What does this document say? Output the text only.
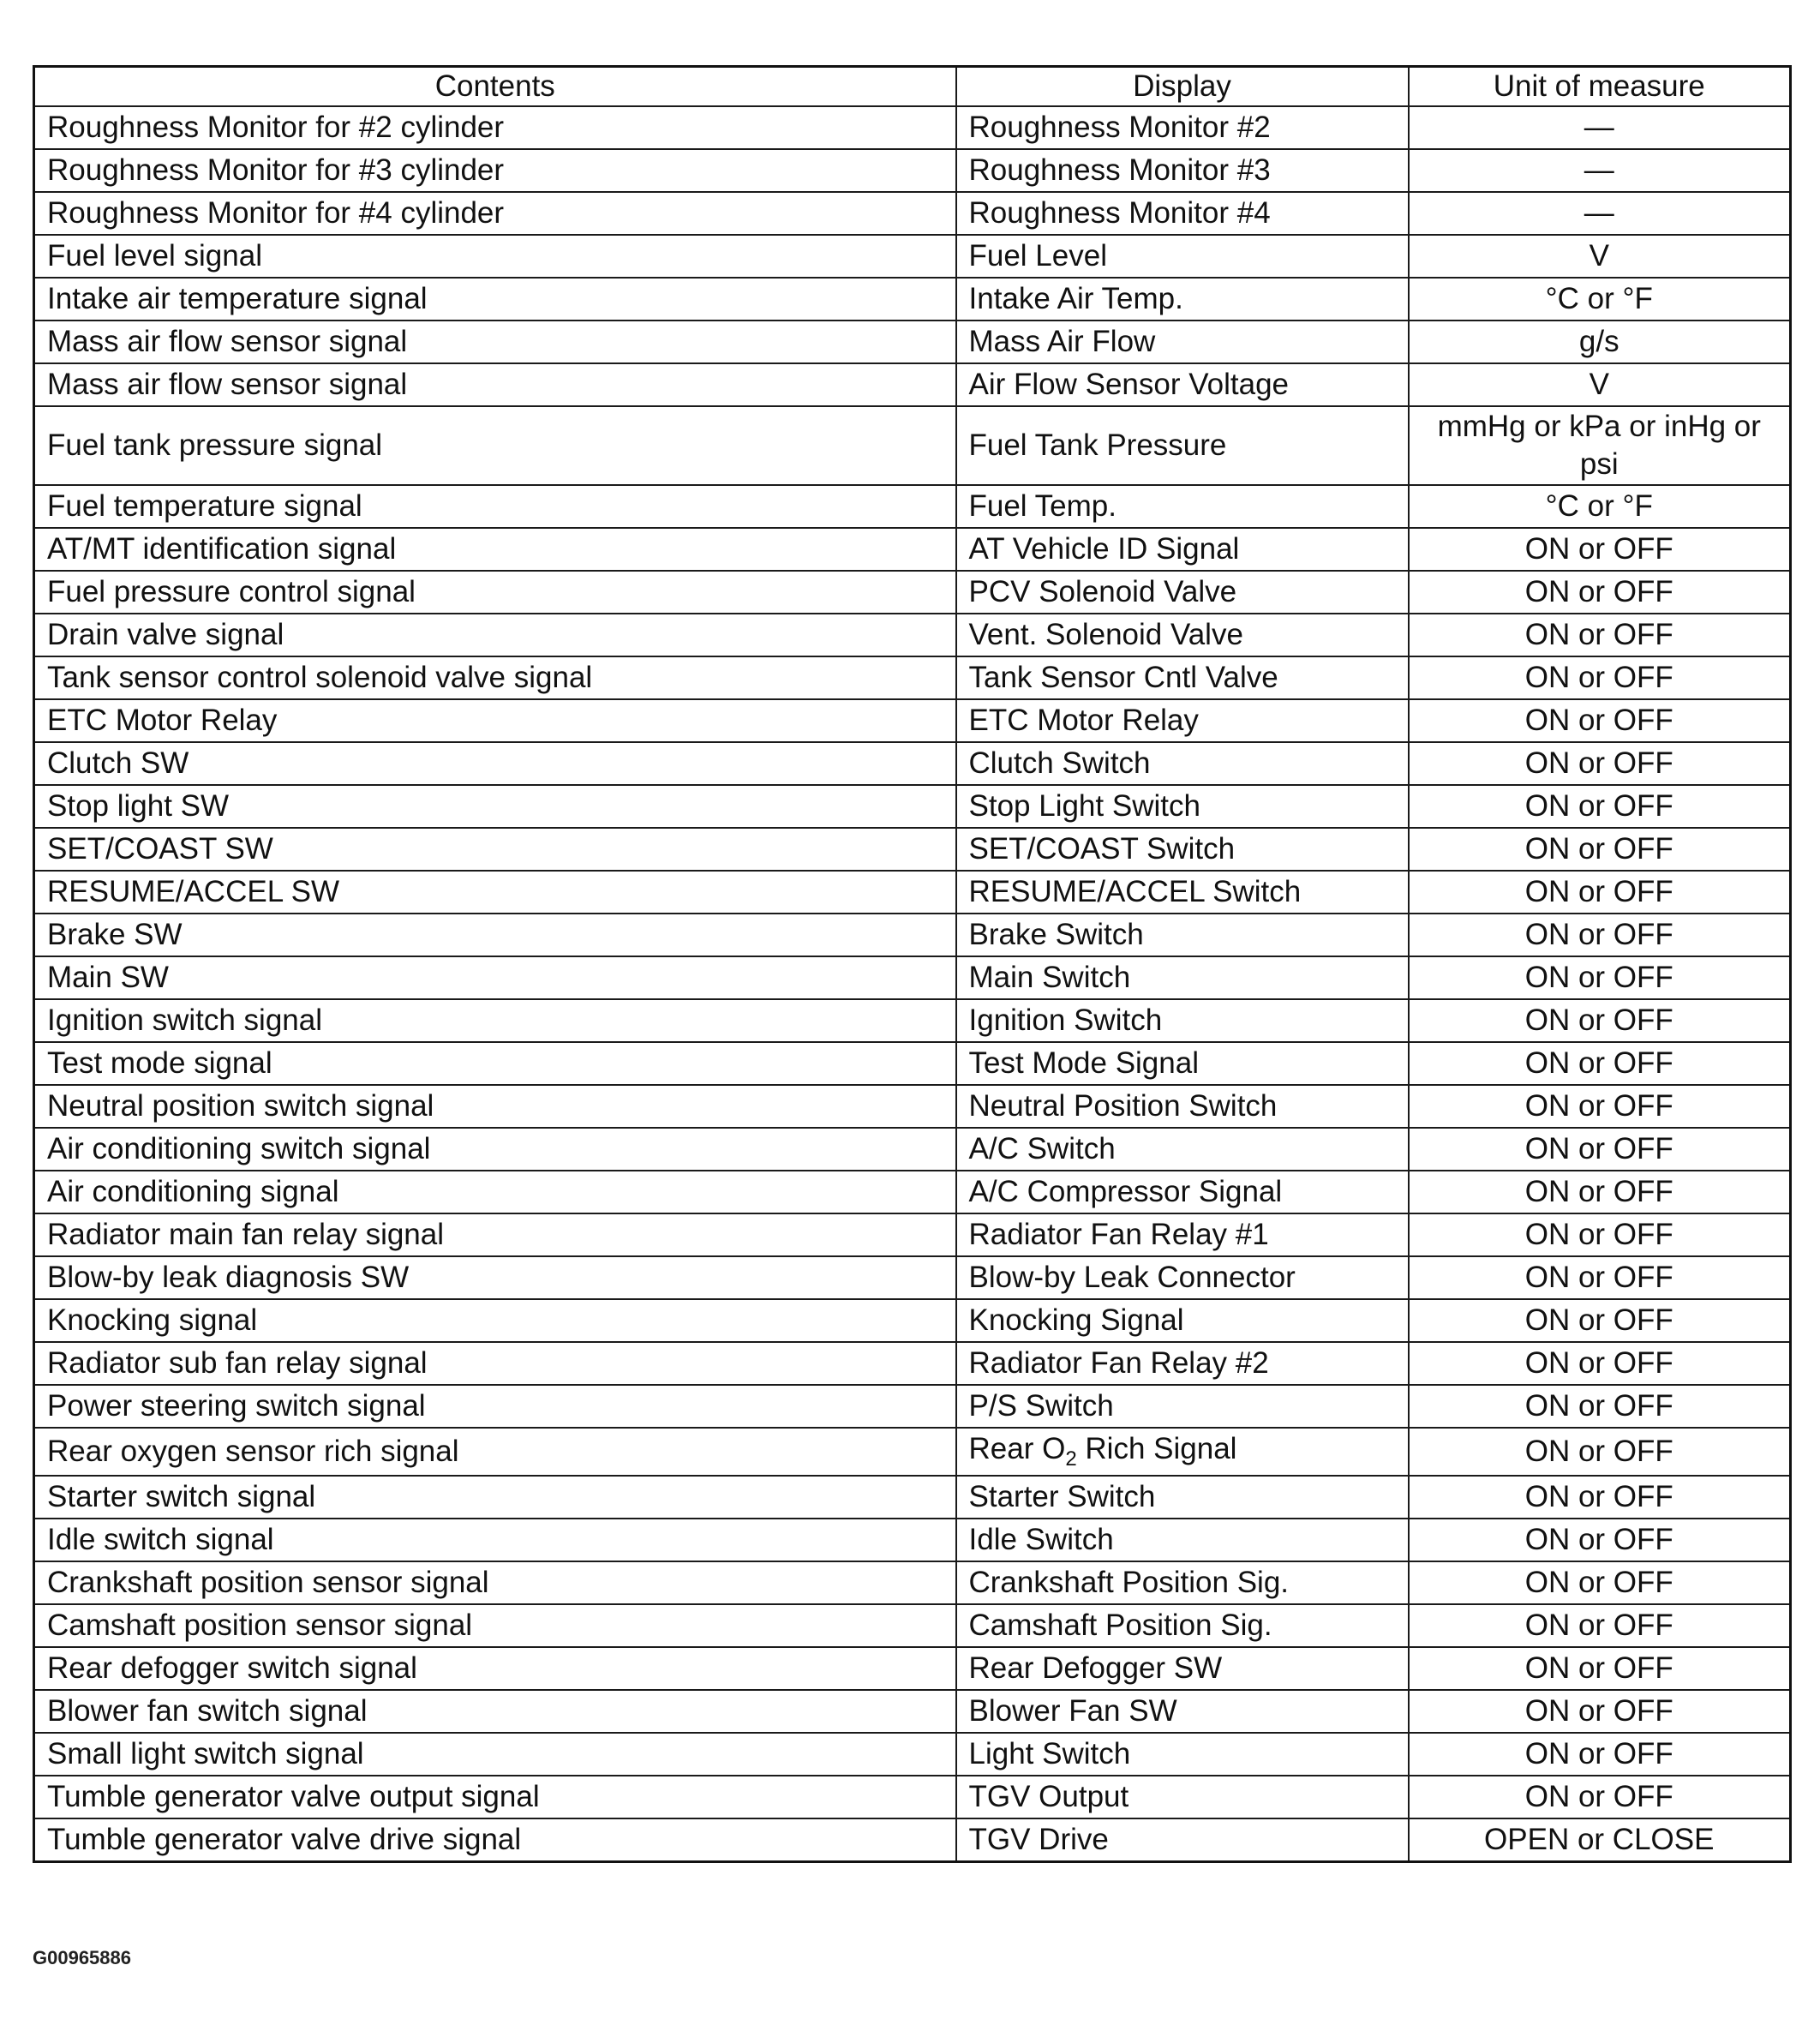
Contents	Display	Unit of measure
Roughness Monitor for #2 cylinder	Roughness Monitor #2	—
Roughness Monitor for #3 cylinder	Roughness Monitor #3	—
Roughness Monitor for #4 cylinder	Roughness Monitor #4	—
Fuel level signal	Fuel Level	V
Intake air temperature signal	Intake Air Temp.	°C or °F
Mass air flow sensor signal	Mass Air Flow	g/s
Mass air flow sensor signal	Air Flow Sensor Voltage	V
Fuel tank pressure signal	Fuel Tank Pressure	mmHg or kPa or inHg or psi
Fuel temperature signal	Fuel Temp.	°C or °F
AT/MT identification signal	AT Vehicle ID Signal	ON or OFF
Fuel pressure control signal	PCV Solenoid Valve	ON or OFF
Drain valve signal	Vent. Solenoid Valve	ON or OFF
Tank sensor control solenoid valve signal	Tank Sensor Cntl Valve	ON or OFF
ETC Motor Relay	ETC Motor Relay	ON or OFF
Clutch SW	Clutch Switch	ON or OFF
Stop light SW	Stop Light Switch	ON or OFF
SET/COAST SW	SET/COAST Switch	ON or OFF
RESUME/ACCEL SW	RESUME/ACCEL Switch	ON or OFF
Brake SW	Brake Switch	ON or OFF
Main SW	Main Switch	ON or OFF
Ignition switch signal	Ignition Switch	ON or OFF
Test mode signal	Test Mode Signal	ON or OFF
Neutral position switch signal	Neutral Position Switch	ON or OFF
Air conditioning switch signal	A/C Switch	ON or OFF
Air conditioning signal	A/C Compressor Signal	ON or OFF
Radiator main fan relay signal	Radiator Fan Relay #1	ON or OFF
Blow-by leak diagnosis SW	Blow-by Leak Connector	ON or OFF
Knocking signal	Knocking Signal	ON or OFF
Radiator sub fan relay signal	Radiator Fan Relay #2	ON or OFF
Power steering switch signal	P/S Switch	ON or OFF
Rear oxygen sensor rich signal	Rear $O_2$ Rich Signal	ON or OFF
Starter switch signal	Starter Switch	ON or OFF
Idle switch signal	Idle Switch	ON or OFF
Crankshaft position sensor signal	Crankshaft Position Sig.	ON or OFF
Camshaft position sensor signal	Camshaft Position Sig.	ON or OFF
Rear defogger switch signal	Rear Defogger SW	ON or OFF
Blower fan switch signal	Blower Fan SW	ON or OFF
Small light switch signal	Light Switch	ON or OFF
Tumble generator valve output signal	TGV Output	ON or OFF
Tumble generator valve drive signal	TGV Drive	OPEN or CLOSE
G00965886
